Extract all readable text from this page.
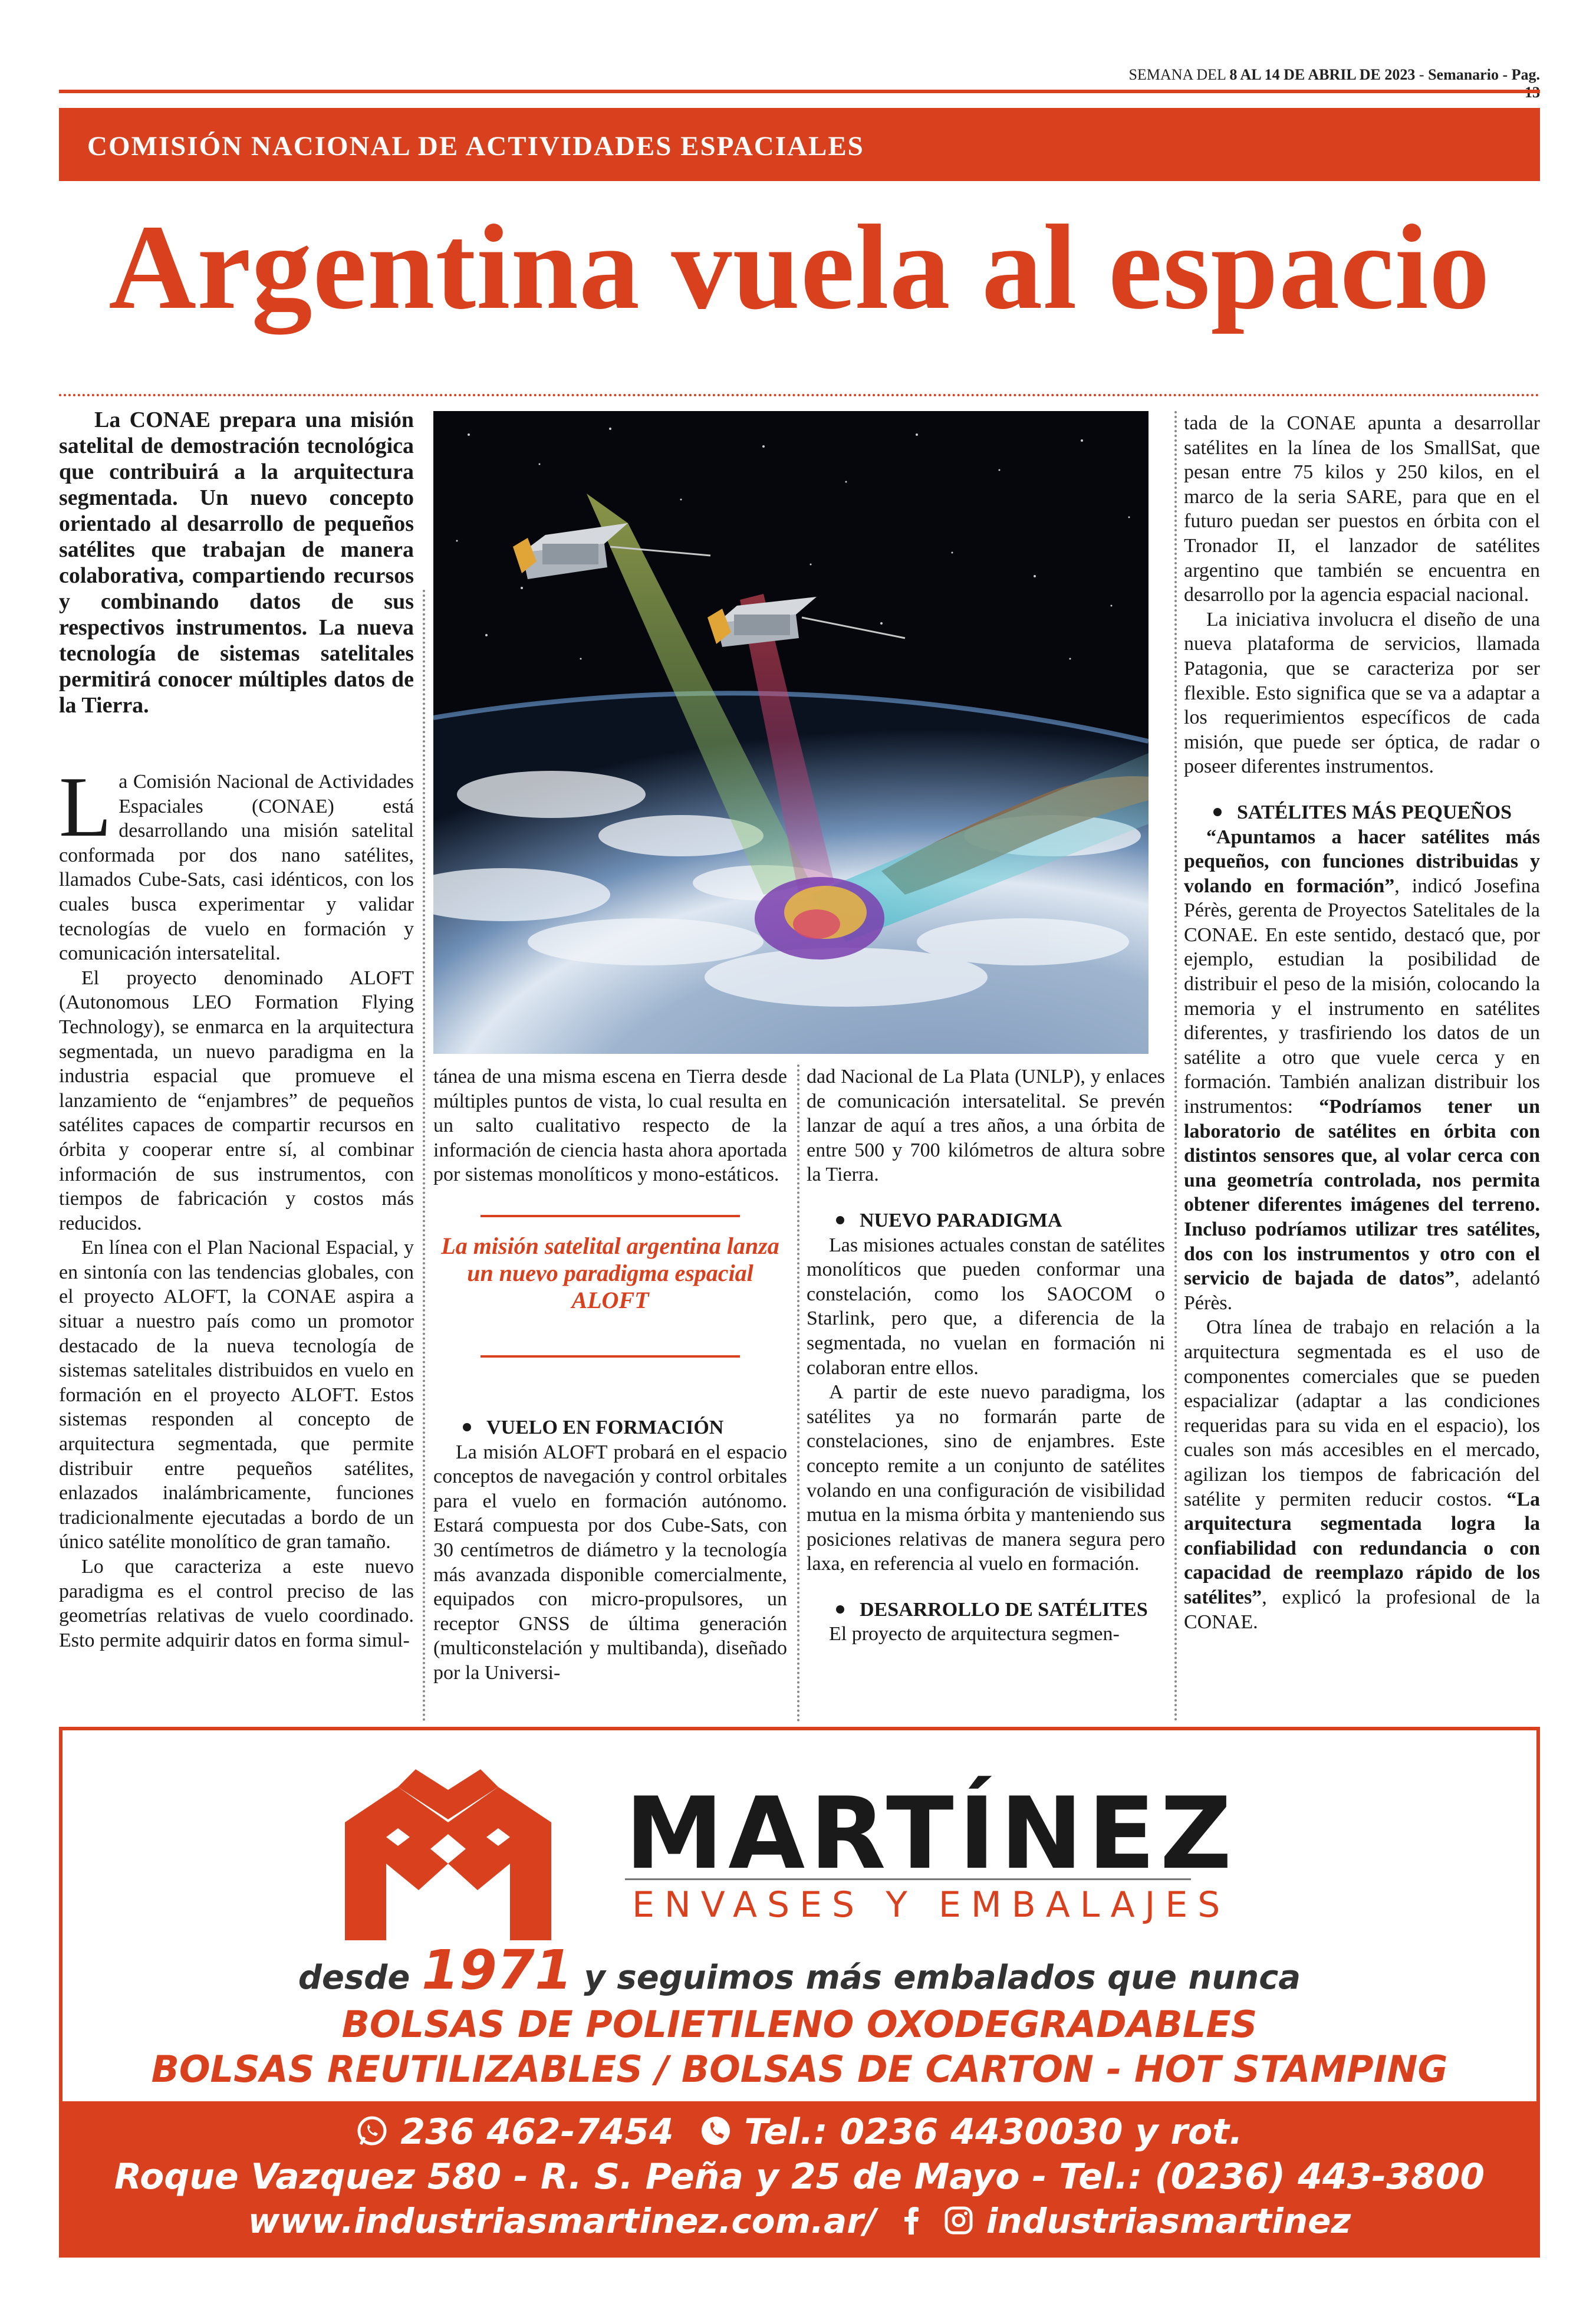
SEMANA DEL 8 AL 14 DE ABRIL DE 2023 - Semanario - Pag.
COMISIÓN NACIONAL DE ACTIVIDADES ESPACIALES
Argentina vuela al espacio
La CONAE prepara una misión satelital de demostración tecnológica que contribuirá a la arquitectura segmentada. Un nuevo concepto orientado al desarrollo de pequeños satélites que trabajan de manera colaborativa, compartiendo recursos y combinando datos de sus respectivos instrumentos. La nueva tecnología de sistemas satelitales permitirá conocer múltiples datos de la Tierra.

La Comisión Nacional de Actividades Espaciales (CONAE) está desarrollando una misión satelital conformada por dos nano satélites, llamados Cube-Sats, casi idénticos, con los cuales busca experimentar y validar tecnologías de vuelo en formación y comunicación intersatelital.

El proyecto denominado ALOFT (Autonomous LEO Formation Flying Technology), se enmarca en la arquitectura segmentada, un nuevo paradigma en la industria espacial que promueve el lanzamiento de “enjambres” de pequeños satélites capaces de compartir recursos en órbita y cooperar entre sí, al combinar información de sus instrumentos, con tiempos de fabricación y costos más reducidos.

En línea con el Plan Nacional Espacial, y en sintonía con las tendencias globales, con el proyecto ALOFT, la CONAE aspira a situar a nuestro país como un promotor destacado de la nueva tecnología de sistemas satelitales distribuidos en vuelo en formación en el proyecto ALOFT. Estos sistemas responden al concepto de arquitectura segmentada, que permite distribuir entre pequeños satélites, enlazados inalámbricamente, funciones tradicionalmente ejecutadas a bordo de un único satélite monolítico de gran tamaño.

Lo que caracteriza a este nuevo paradigma es el control preciso de las geometrías relativas de vuelo coordinado. Esto permite adquirir datos en forma simul-

tánea de una misma escena en Tierra desde múltiples puntos de vista, lo cual resulta en un salto cualitativo respecto de la información de ciencia hasta ahora aportada por sistemas monolíticos y mono-estáticos.

La misión satelital argentina lanza un nuevo paradigma espacial ALOFT

VUELO EN FORMACIÓN

La misión ALOFT probará en el espacio conceptos de navegación y control orbitales para el vuelo en formación autónomo. Estará compuesta por dos Cube-Sats, con 30 centímetros de diámetro y la tecnología más avanzada disponible comercialmente, equipados con micro-propulsores, un receptor GNSS de última generación (multiconstelación y multibanda), diseñado por la Universi-

dad Nacional de La Plata (UNLP), y enlaces de comunicación intersatelital. Se prevén lanzar de aquí a tres años, a una órbita de entre 500 y 700 kilómetros de altura sobre la Tierra.

NUEVO PARADIGMA

Las misiones actuales constan de satélites monolíticos que pueden conformar una constelación, como los SAOCOM o Starlink, pero que, a diferencia de la segmentada, no vuelan en formación ni colaboran entre ellos.

A partir de este nuevo paradigma, los satélites ya no formarán parte de constelaciones, sino de enjambres. Este concepto remite a un conjunto de satélites volando en una configuración de visibilidad mutua en la misma órbita y manteniendo sus posiciones relativas de manera segura pero laxa, en referencia al vuelo en formación.

DESARROLLO DE SATÉLITES

El proyecto de arquitectura segmen-

tada de la CONAE apunta a desarrollar satélites en la línea de los SmallSat, que pesan entre 75 kilos y 250 kilos, en el marco de la seria SARE, para que en el futuro puedan ser puestos en órbita con el Tronador II, el lanzador de satélites argentino que también se encuentra en desarrollo por la agencia espacial nacional.

La iniciativa involucra el diseño de una nueva plataforma de servicios, llamada Patagonia, que se caracteriza por ser flexible. Esto significa que se va a adaptar a los requerimientos específicos de cada misión, que puede ser óptica, de radar o poseer diferentes instrumentos.

SATÉLITES MÁS PEQUEÑOS

“Apuntamos a hacer satélites más pequeños, con funciones distribuidas y volando en formación”, indicó Josefina Pérès, gerenta de Proyectos Satelitales de la CONAE. En este sentido, destacó que, por ejemplo, estudian la posibilidad de distribuir el peso de la misión, colocando la memoria y el instrumento en satélites diferentes, y trasfiriendo los datos de un satélite a otro que vuele cerca y en formación. También analizan distribuir los instrumentos: “Podríamos tener un laboratorio de satélites en órbita con distintos sensores que, al volar cerca con una geometría controlada, nos permita obtener diferentes imágenes del terreno. Incluso podríamos utilizar tres satélites, dos con los instrumentos y otro con el servicio de bajada de datos”, adelantó Pérès.

Otra línea de trabajo en relación a la arquitectura segmentada es el uso de componentes comerciales que se pueden espacializar (adaptar a las condiciones requeridas para su vida en el espacio), los cuales son más accesibles en el mercado, agilizan los tiempos de fabricación del satélite y permiten reducir costos. “La arquitectura segmentada logra la confiabilidad con redundancia o con capacidad de reemplazo rápido de los satélites”, explicó la profesional de la CONAE.

MARTÍNEZ
ENVASES Y EMBALAJES
desde 1971 y seguimos más embalados que nunca
BOLSAS DE POLIETILENO OXODEGRADABLES
BOLSAS REUTILIZABLES / BOLSAS DE CARTON - HOT STAMPING
236 462-7454 Tel.: 0236 4430030 y rot.
Roque Vazquez 580 - R. S. Peña y 25 de Mayo - Tel.: (0236) 443-3800
www.industriasmartinez.com.ar/	industriasmartinez
